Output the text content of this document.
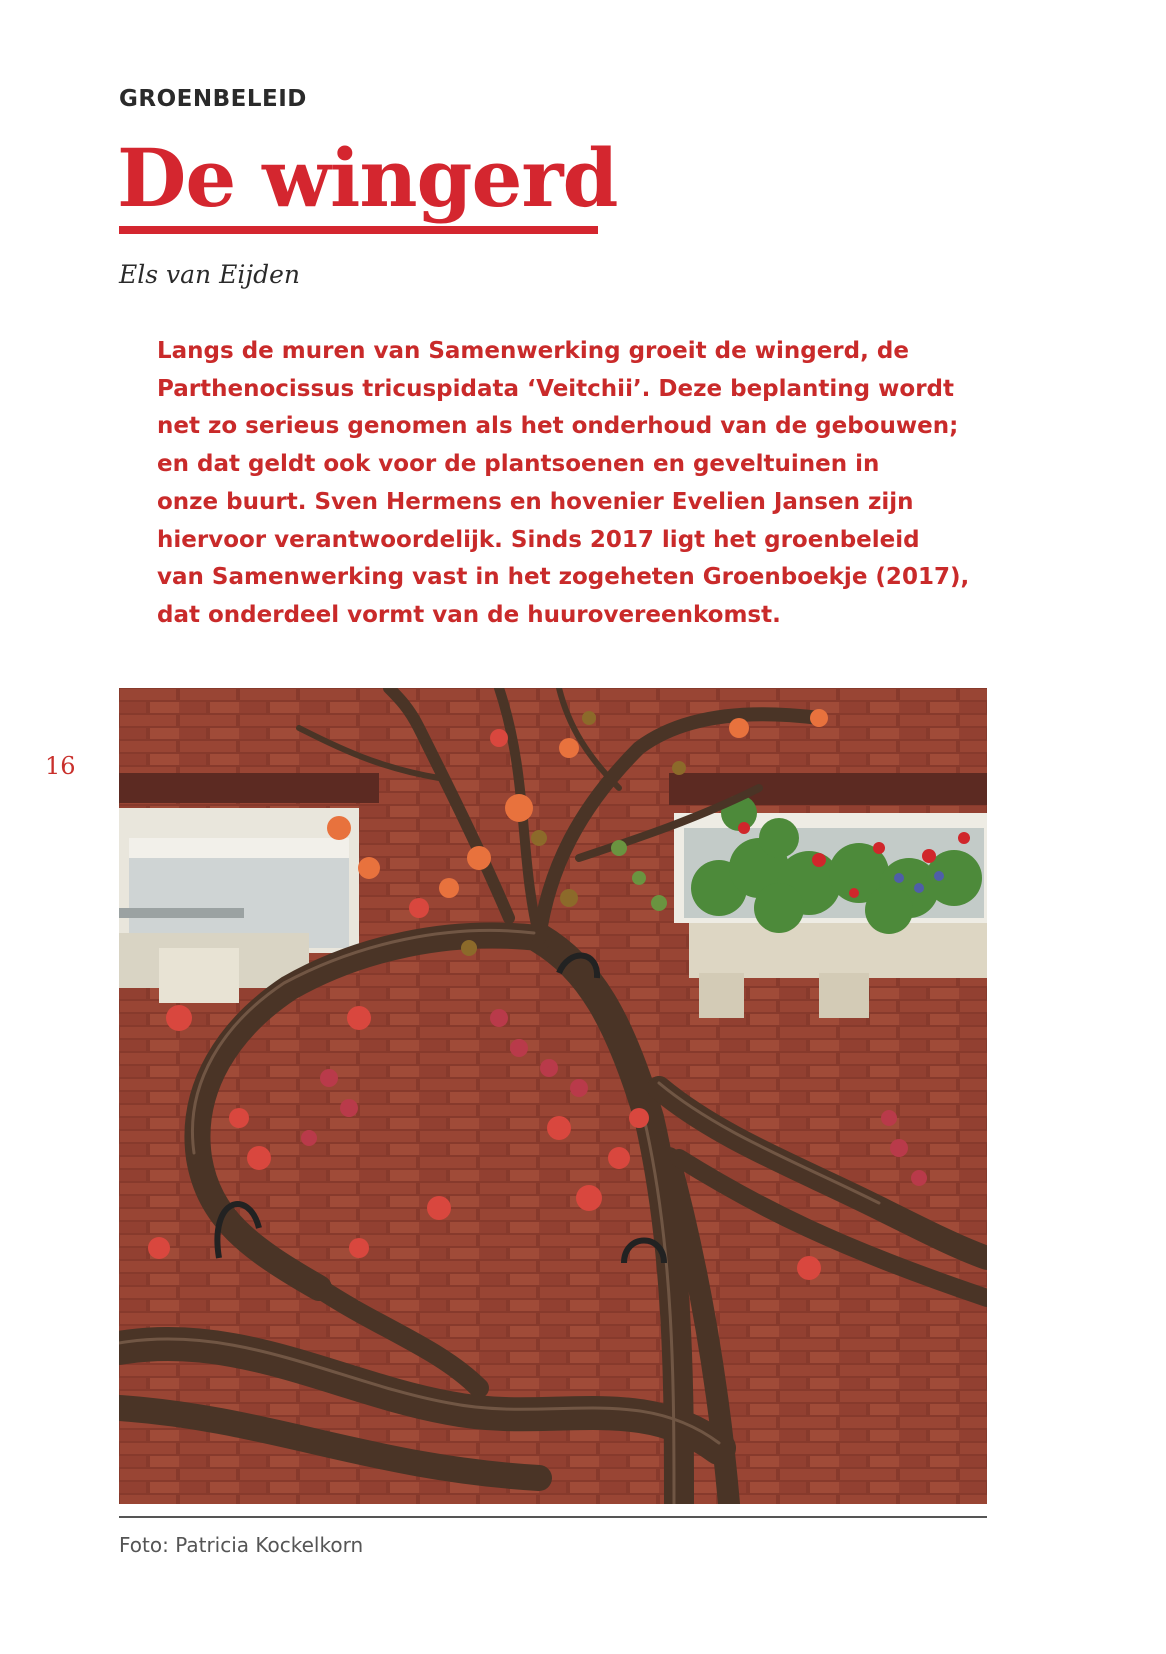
GROENBELEID
De wingerd
Els van Eijden
Langs de muren van Samenwerking groeit de wingerd, de
Parthenocissus tricuspidata ‘Veitchii’. Deze beplanting wordt
net zo serieus genomen als het onderhoud van de gebouwen;
en dat geldt ook voor de plantsoenen en geveltuinen in
onze buurt. Sven Hermens en hovenier Evelien Jansen zijn
hiervoor verantwoordelijk. Sinds 2017 ligt het groenbeleid
van Samenwerking vast in het zogeheten Groenboekje (2017),
dat onderdeel vormt van de huurovereenkomst.
16
Foto: Patricia Kockelkorn
